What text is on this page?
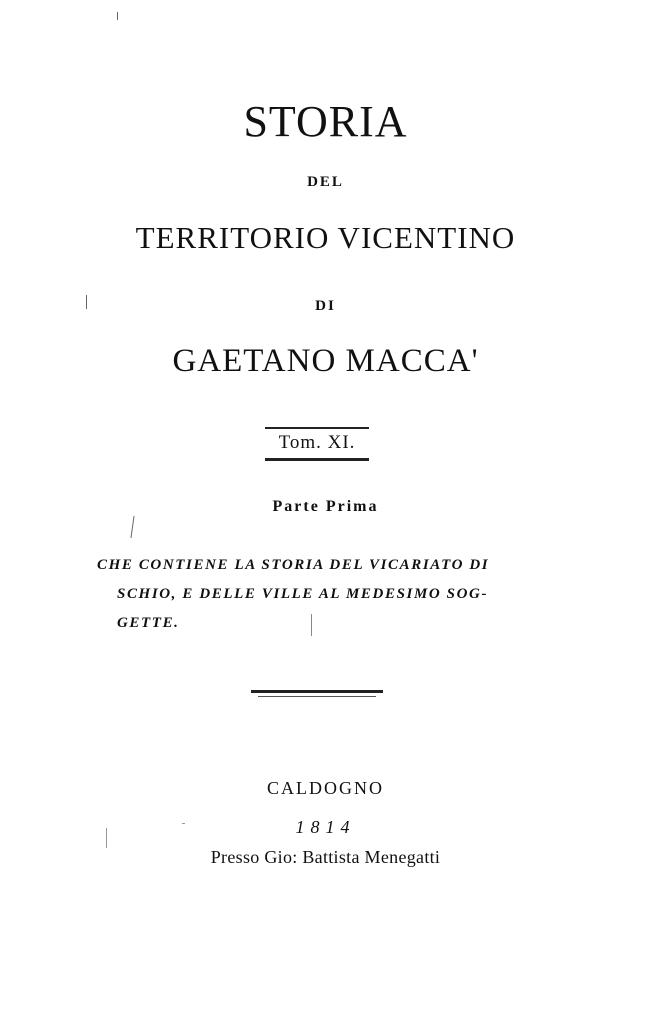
STORIA
DEL
TERRITORIO VICENTINO
DI
GAETANO MACCA'
Tom. XI.
Parte Prima
CHE CONTIENE LA STORIA DEL VICARIATO DI
SCHIO, E DELLE VILLE AL MEDESIMO SOG-
GETTE.
CALDOGNO
1814
Presso Gio: Battista Menegatti
